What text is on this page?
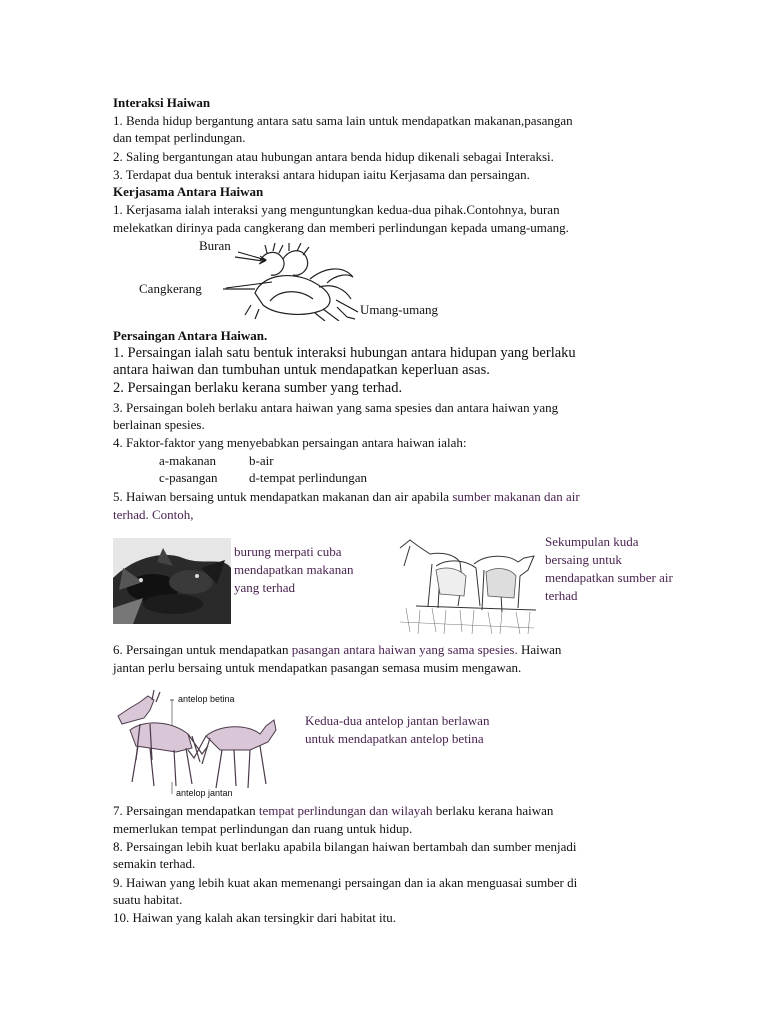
Interaksi Haiwan
1. Benda hidup bergantung antara satu sama lain untuk mendapatkan makanan,pasangan
dan tempat perlindungan.
2. Saling bergantungan atau hubungan antara benda hidup dikenali sebagai Interaksi.
3. Terdapat dua bentuk interaksi antara hidupan iaitu Kerjasama dan persaingan.
Kerjasama Antara Haiwan
1. Kerjasama ialah interaksi yang menguntungkan kedua-dua pihak.Contohnya, buran
melekatkan dirinya pada cangkerang dan memberi perlindungan kepada umang-umang.
Buran
Cangkerang
Umang-umang
Persaingan Antara Haiwan.
1. Persaingan ialah satu bentuk interaksi hubungan antara hidupan yang berlaku
antara haiwan dan tumbuhan untuk mendapatkan keperluan asas.
2. Persaingan berlaku kerana sumber yang terhad.
3. Persaingan boleh berlaku antara haiwan yang sama spesies dan antara haiwan yang
berlainan spesies.
4. Faktor-faktor yang menyebabkan persaingan antara haiwan ialah:
a-makanan	b-air
c-pasangan d-tempat perlindungan
5. Haiwan bersaing untuk mendapatkan makanan dan air apabila sumber makanan dan air
terhad. Contoh,
burung merpati cuba
mendapatkan makanan
yang terhad
Sekumpulan kuda
bersaing untuk
mendapatkan sumber air
terhad
6. Persaingan untuk mendapatkan pasangan antara haiwan yang sama spesies. Haiwan
jantan perlu bersaing untuk mendapatkan pasangan semasa musim mengawan.
antelop betina
antelop jantan
Kedua-dua antelop jantan berlawan
untuk mendapatkan antelop betina
7. Persaingan mendapatkan tempat perlindungan dan wilayah berlaku kerana haiwan
memerlukan tempat perlindungan dan ruang untuk hidup.
8. Persaingan lebih kuat berlaku apabila bilangan haiwan bertambah dan sumber menjadi
semakin terhad.
9. Haiwan yang lebih kuat akan memenangi persaingan dan ia akan menguasai sumber di
suatu habitat.
10. Haiwan yang kalah akan tersingkir dari habitat itu.
